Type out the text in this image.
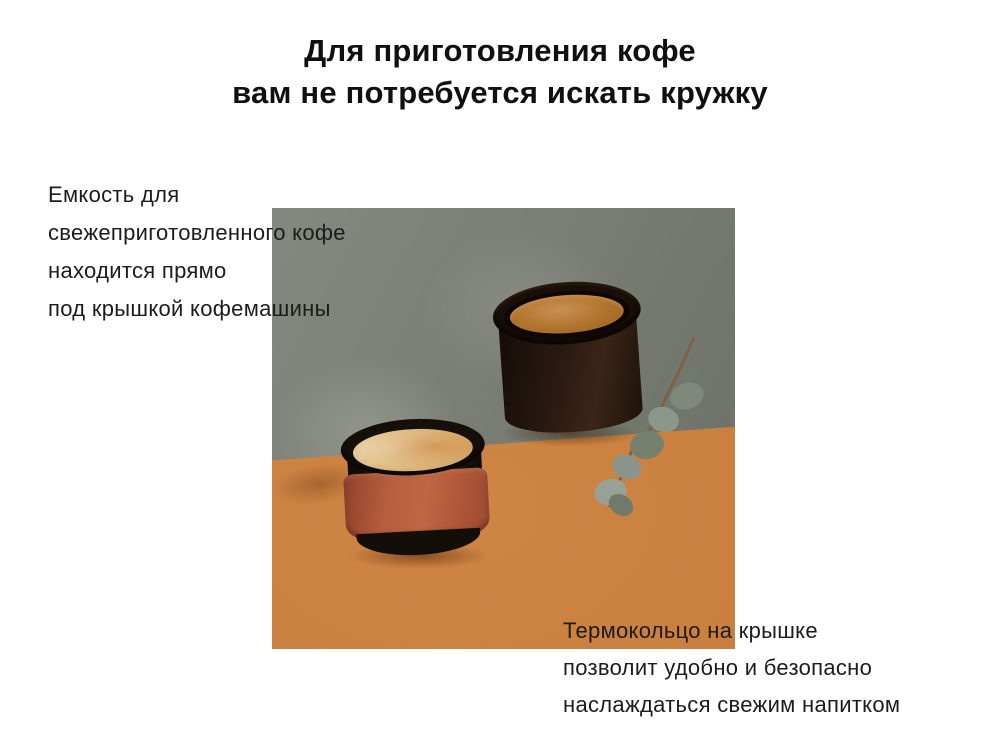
Для приготовления кофе
вам не потребуется искать кружку
Емкость для
свежеприготовленного кофе
находится прямо
под крышкой кофемашины
Термокольцо на крышке
позволит удобно и безопасно
наслаждаться свежим напитком
